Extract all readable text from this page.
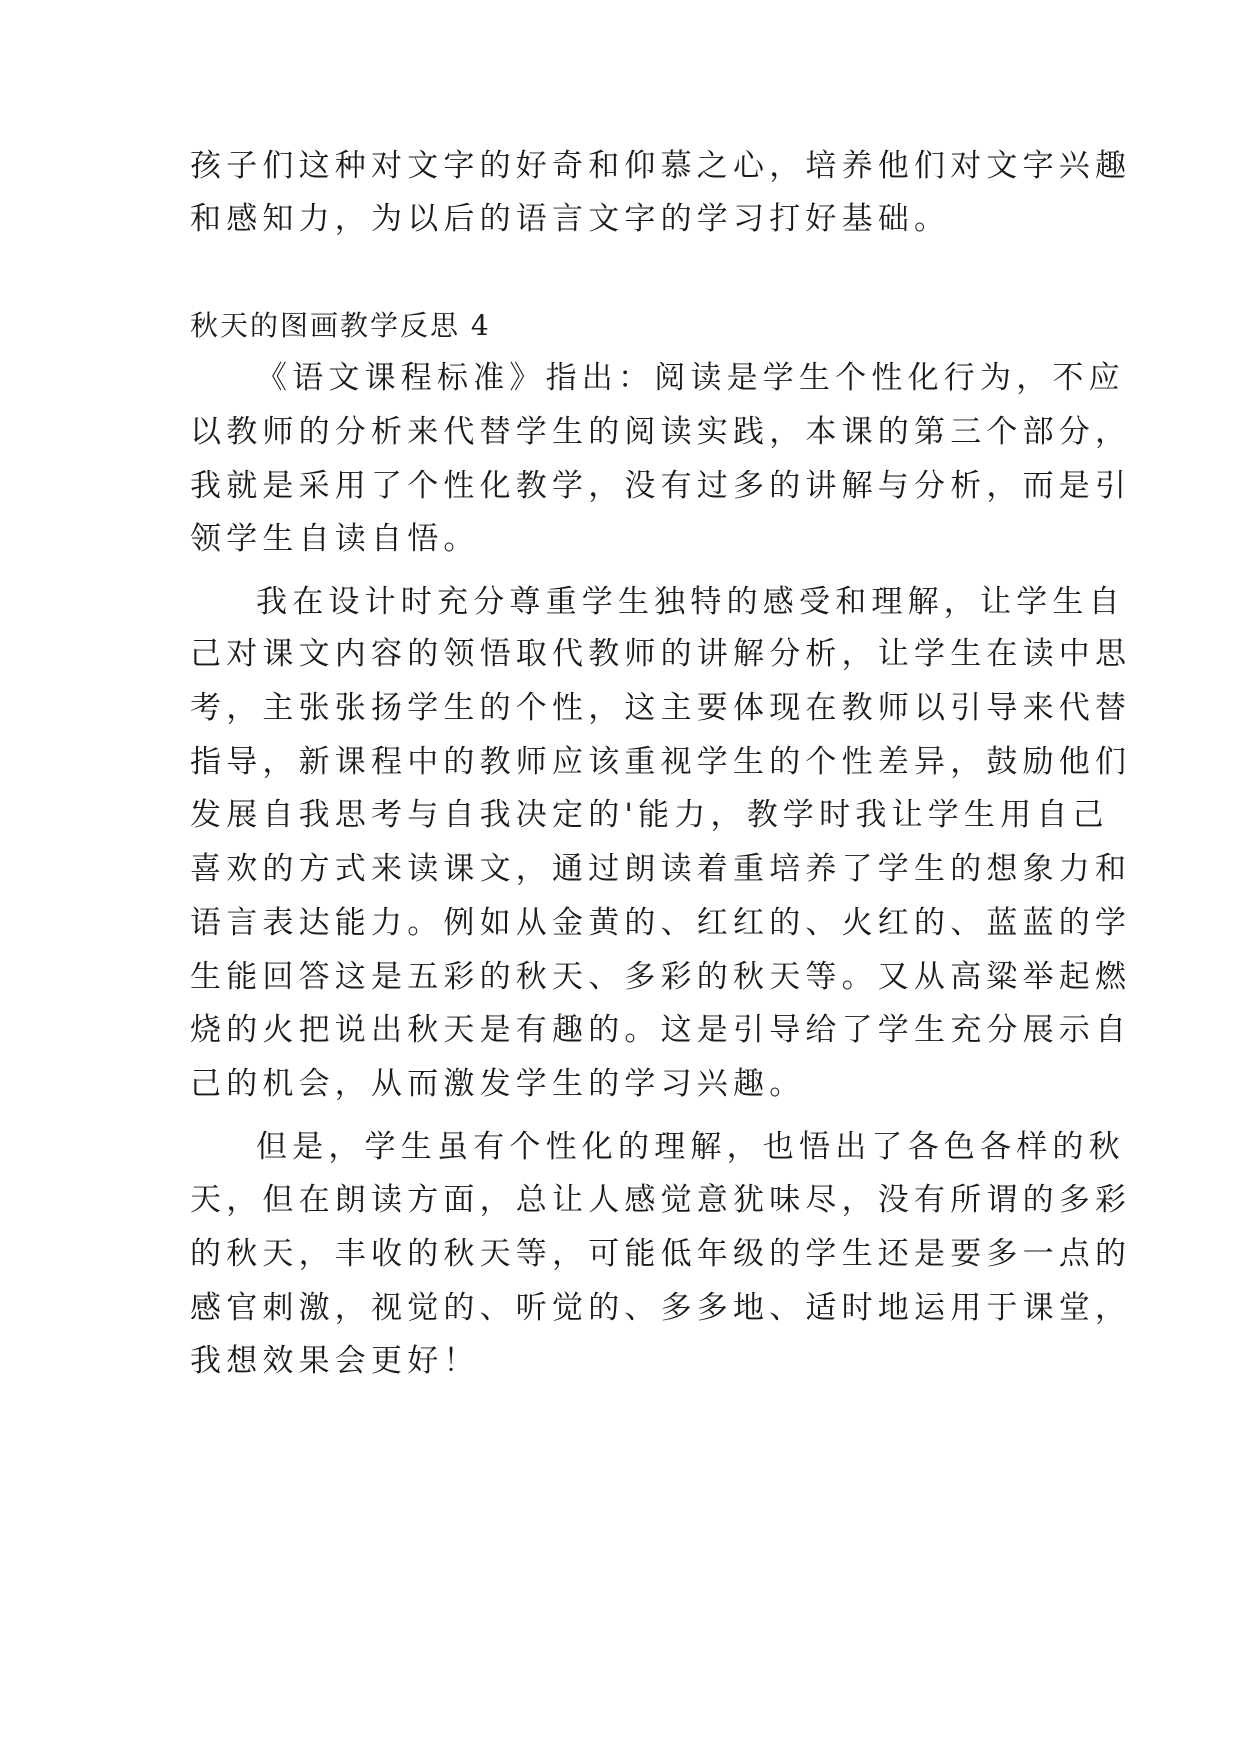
孩子们这种对文字的好奇和仰慕之心，培养他们对文字兴趣
和感知力，为以后的语言文字的学习打好基础。
秋天的图画教学反思 4
《语文课程标准》指出：阅读是学生个性化行为，不应
以教师的分析来代替学生的阅读实践，本课的第三个部分，
我就是采用了个性化教学，没有过多的讲解与分析，而是引
领学生自读自悟。
我在设计时充分尊重学生独特的感受和理解，让学生自
己对课文内容的领悟取代教师的讲解分析，让学生在读中思
考，主张张扬学生的个性，这主要体现在教师以引导来代替
指导，新课程中的教师应该重视学生的个性差异，鼓励他们
发展自我思考与自我决定的'能力，教学时我让学生用自己
喜欢的方式来读课文，通过朗读着重培养了学生的想象力和
语言表达能力。例如从金黄的、红红的、火红的、蓝蓝的学
生能回答这是五彩的秋天、多彩的秋天等。又从高粱举起燃
烧的火把说出秋天是有趣的。这是引导给了学生充分展示自
己的机会，从而激发学生的学习兴趣。
但是，学生虽有个性化的理解，也悟出了各色各样的秋
天，但在朗读方面，总让人感觉意犹味尽，没有所谓的多彩
的秋天，丰收的秋天等，可能低年级的学生还是要多一点的
感官刺激，视觉的、听觉的、多多地、适时地运用于课堂，
我想效果会更好！
